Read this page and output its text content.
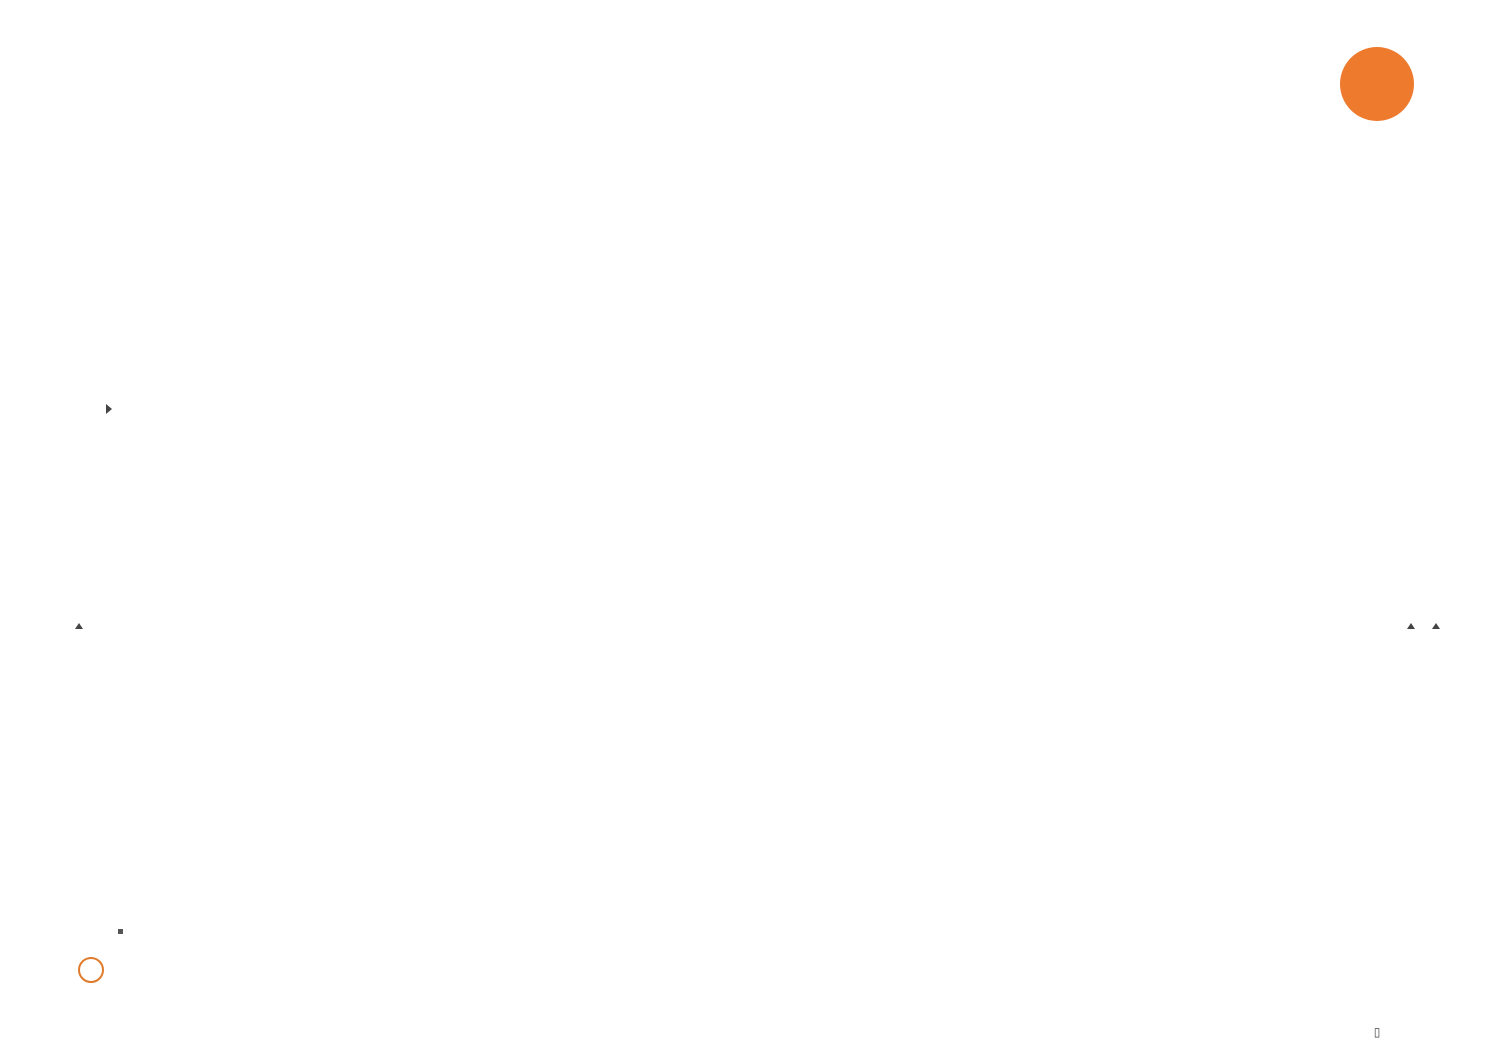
▯
